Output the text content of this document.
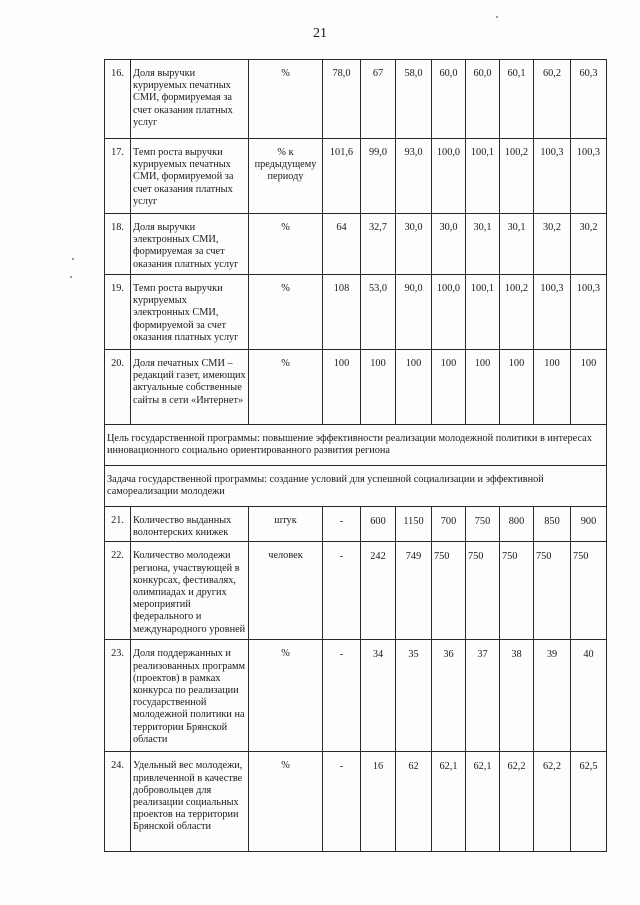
21
16.	Доля выручки курируемых печатных СМИ, формируемая за счет оказания платных услуг	%	78,0	67	58,0	60,0	60,0	60,1	60,2	60,3
17.	Темп роста выручки курируемых печатных СМИ, формируемой за счет оказания платных услуг	% к предыдущему периоду	101,6	99,0	93,0	100,0	100,1	100,2	100,3	100,3
18.	Доля выручки электронных СМИ, формируемая за счет оказания платных услуг	%	64	32,7	30,0	30,0	30,1	30,1	30,2	30,2
19.	Темп роста выручки курируемых электронных СМИ, формируемой за счет оказания платных услуг	%	108	53,0	90,0	100,0	100,1	100,2	100,3	100,3
20.	Доля печатных СМИ – редакций газет, имеющих актуальные собственные сайты в сети «Интернет»	%	100	100	100	100	100	100	100	100
Цель государственной программы: повышение эффективности реализации молодежной политики в интересах инновационного социально ориентированного развития региона										
Задача государственной программы: создание условий для успешной социализации и эффективной самореализации молодежи										
21.	Количество выданных волонтерских книжек	штук	-	600	1150	700	750	800	850	900
22.	Количество молодежи региона, участвующей в конкурсах, фестивалях, олимпиадах и других мероприятий федерального и международного уровней	человек	-	242	749	750	750	750	750	750
23.	Доля поддержанных и реализованных программ (проектов) в рамках конкурса по реализации государственной молодежной политики на территории Брянской области	%	-	34	35	36	37	38	39	40
24.	Удельный вес молодежи, привлеченной в качестве добровольцев для реализации социальных проектов на территории Брянской области	%	-	16	62	62,1	62,1	62,2	62,2	62,5
